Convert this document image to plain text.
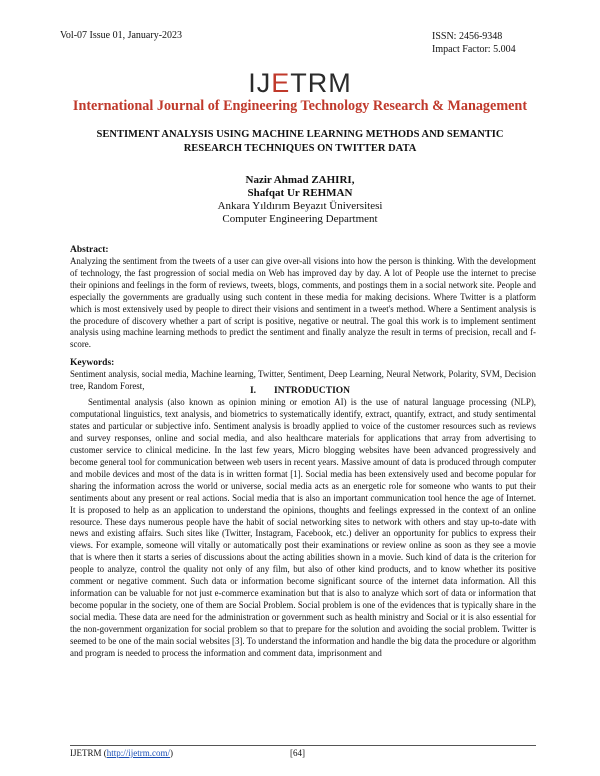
Vol-07 Issue 01, January-2023	ISSN: 2456-9348
Impact Factor: 5.004
IJETRM
International Journal of Engineering Technology Research & Management
SENTIMENT ANALYSIS USING MACHINE LEARNING METHODS AND SEMANTIC
RESEARCH TECHNIQUES ON TWITTER DATA
Nazir Ahmad ZAHIRI,
Shafqat Ur REHMAN
Ankara Yıldırım Beyazıt Üniversitesi
Computer Engineering Department
Abstract:
Analyzing the sentiment from the tweets of a user can give over-all visions into how the person is thinking. With the development of technology, the fast progression of social media on Web has improved day by day. A lot of People use the internet to precise their opinions and feelings in the form of reviews, tweets, blogs, comments, and postings them in a social network site. People and especially the governments are gradually using such content in these media for making decisions. Where Twitter is a platform which is most extensively used by people to direct their visions and sentiment in a tweet's method. Where a Sentiment analysis is the procedure of discovery whether a part of script is positive, negative or neutral. The goal this work is to implement sentiment analysis using machine learning methods to predict the sentiment and finally analyze the result in terms of precision, recall and f-score.
Keywords:
Sentiment analysis, social media, Machine learning, Twitter, Sentiment, Deep Learning, Neural Network, Polarity, SVM, Decision tree, Random Forest,
I. INTRODUCTION
Sentimental analysis (also known as opinion mining or emotion AI) is the use of natural language processing (NLP), computational linguistics, text analysis, and biometrics to systematically identify, extract, quantify, extract, and study sentimental states and particular or subjective info. Sentiment analysis is broadly applied to voice of the customer resources such as reviews and survey responses, online and social media, and also healthcare materials for applications that array from advertising to customer service to clinical medicine. In the last few years, Micro blogging websites have been advanced progressively and become general tool for communication between web users in recent years. Massive amount of data is produced through computer and mobile devices and most of the data is in written format [1]. Social media has been extensively used and become popular for sharing the information across the world or universe, social media acts as an energetic role for someone who wants to put their sentiments about any present or real actions. Social media that is also an important communication tool hence the age of Internet. It is proposed to help as an application to understand the opinions, thoughts and feelings expressed in the context of an online resource. These days numerous people have the habit of social networking sites to network with others and stay up-to-date with news and existing affairs. Such sites like (Twitter, Instagram, Facebook, etc.) deliver an opportunity for publics to express their views. For example, someone will vitally or automatically post their examinations or review online as soon as they see a movie that is where then it starts a series of discussions about the acting abilities shown in a movie. Such kind of data is the criterion for people to analyze, control the quality not only of any film, but also of other kind products, and to know whether its positive comment or negative comment. Such data or information become significant source of the internet data information. All this information can be valuable for not just e-commerce examination but that is also to analyze which sort of data or information that become popular in the society, one of them are Social Problem. Social problem is one of the evidences that is typically share in the social media. These data are need for the administration or government such as health ministry and Social or it is also essential for the non-government organization for social problem so that to prepare for the solution and avoiding the social problem. Twitter is seemed to be one of the main social websites [3]. To understand the information and handle the big data the procedure or algorithm and program is needed to process the information and comment data, imprisonment and
IJETRM (http://ijetrm.com/)	[64]
